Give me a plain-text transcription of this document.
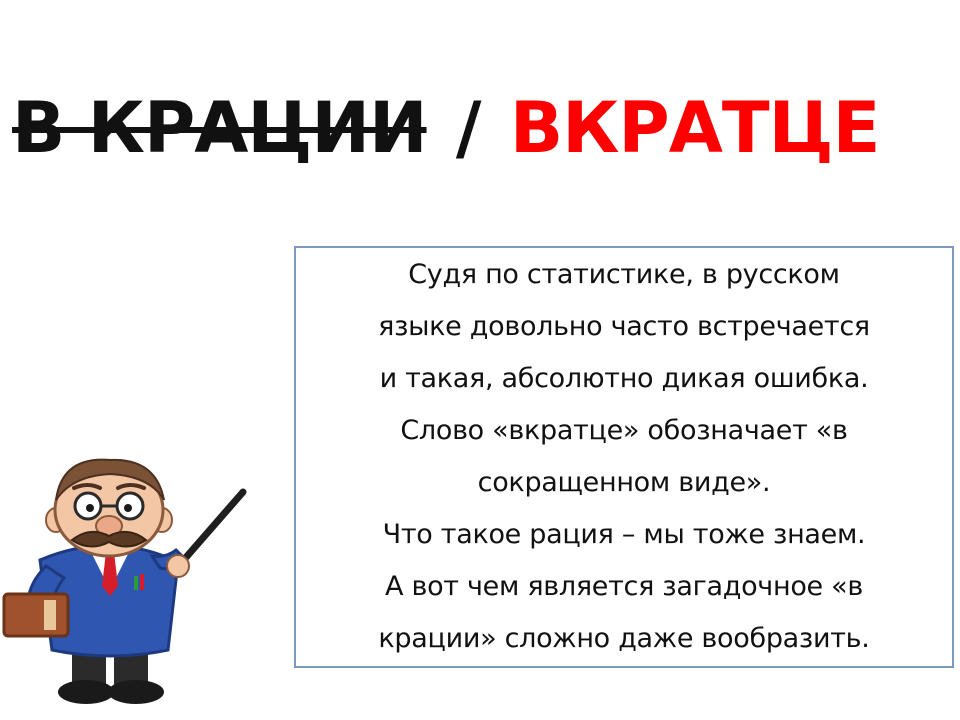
В КРАЦИИ / ВКРАТЦЕ

Судя по статистике, в русском
языке довольно часто встречается
и такая, абсолютно дикая ошибка.
Слово «вкратце» обозначает «в
сокращенном виде».
Что такое рация – мы тоже знаем.
А вот чем является загадочное «в
крации» сложно даже вообразить.
